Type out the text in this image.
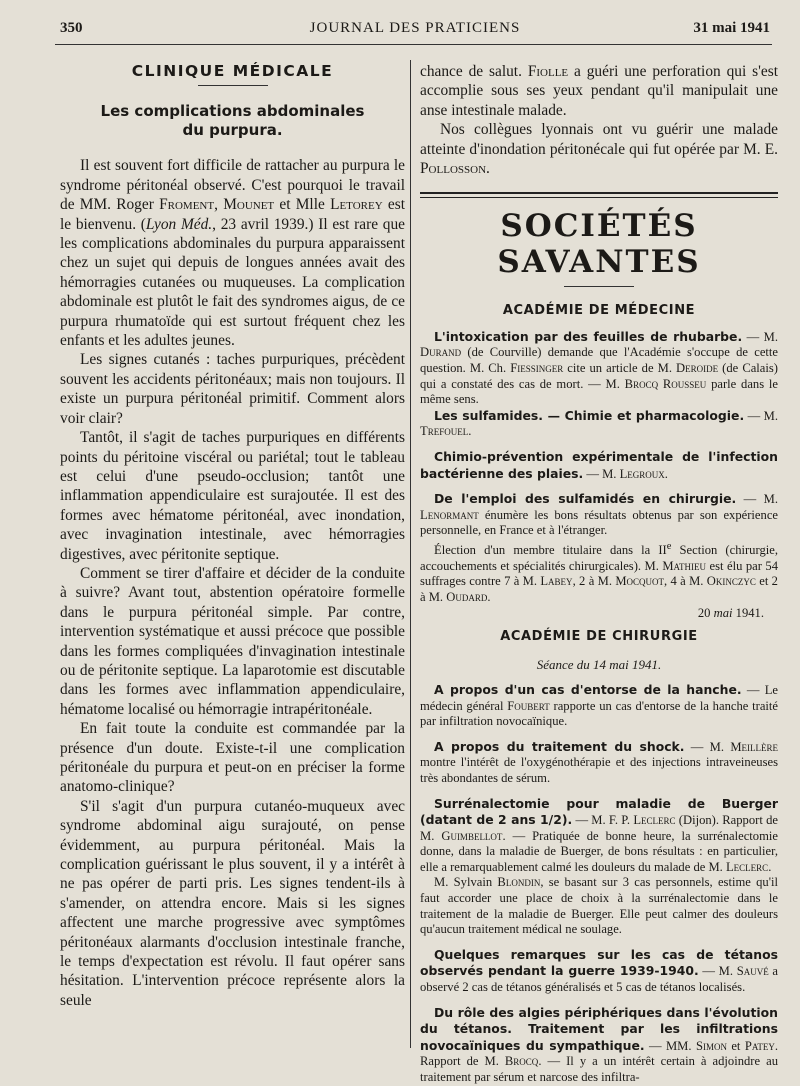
350	JOURNAL DES PRATICIENS	31 mai 1941
CLINIQUE MÉDICALE
Les complications abdominales
du purpura.

Il est souvent fort difficile de rattacher au purpura le syndrome péritonéal observé. C'est pourquoi le travail de MM. Roger Froment, Mounet et Mlle Letorey est le bienvenu. (Lyon Méd., 23 avril 1939.) Il est rare que les complications abdominales du purpura apparaissent chez un sujet qui depuis de longues années avait des hémorragies cutanées ou muqueuses. La complication abdominale est plutôt le fait des syndromes aigus, de ce purpura rhumatoïde qui est surtout fréquent chez les enfants et les adultes jeunes.

Les signes cutanés : taches purpuriques, précèdent souvent les accidents péritonéaux; mais non toujours. Il existe un purpura péritonéal primitif. Comment alors voir clair?

Tantôt, il s'agit de taches purpuriques en différents points du péritoine viscéral ou pariétal; tout le tableau est celui d'une pseudo-occlusion; tantôt une inflammation appendiculaire est surajoutée. Il est des formes avec hématome péritonéal, avec inondation, avec invagination intestinale, avec hémorragies digestives, avec péritonite septique.

Comment se tirer d'affaire et décider de la conduite à suivre? Avant tout, abstention opératoire formelle dans le purpura péritonéal simple. Par contre, intervention systématique et aussi précoce que possible dans les formes compliquées d'invagination intestinale ou de péritonite septique. La laparotomie est discutable dans les formes avec inflammation appendiculaire, hématome localisé ou hémorragie intrapéritonéale.

En fait toute la conduite est commandée par la présence d'un doute. Existe-t-il une complication péritonéale du purpura et peut-on en préciser la forme anatomo-clinique?

S'il s'agit d'un purpura cutanéo-muqueux avec syndrome abdominal aigu surajouté, on pense évidemment, au purpura péritonéal. Mais la complication guérissant le plus souvent, il y a intérêt à ne pas opérer de parti pris. Les signes tendent-ils à s'amender, on attendra encore. Mais si les signes affectent une marche progressive avec symptômes péritonéaux alarmants d'occlusion intestinale franche, le temps d'expectation est révolu. Il faut opérer sans hésitation. L'intervention précoce représente alors la seule

chance de salut. Fiolle a guéri une perforation qui s'est accomplie sous ses yeux pendant qu'il manipulait une anse intestinale malade.

Nos collègues lyonnais ont vu guérir une malade atteinte d'inondation péritonécale qui fut opérée par M. E. Pollosson.

SOCIÉTÉS SAVANTES
ACADÉMIE DE MÉDECINE

L'intoxication par des feuilles de rhubarbe. — M. Durand (de Courville) demande que l'Académie s'occupe de cette question. M. Ch. Fiessinger cite un article de M. Deroide (de Calais) qui a constaté des cas de mort. — M. Brocq Rousseu parle dans le même sens.

Les sulfamides. — Chimie et pharmacologie. — M. Trefouel.

Chimio-prévention expérimentale de l'infection bactérienne des plaies. — M. Legroux.

De l'emploi des sulfamidés en chirurgie. — M. Lenormant énumère les bons résultats obtenus par son expérience personnelle, en France et à l'étranger.

Élection d'un membre titulaire dans la IIe Section (chirurgie, accouchements et spécialités chirurgicales). M. Mathieu est élu par 54 suffrages contre 7 à M. Labey, 2 à M. Mocquot, 4 à M. Okinczyc et 2 à M. Oudard.

20 mai 1941.
ACADÉMIE DE CHIRURGIE
Séance du 14 mai 1941.

A propos d'un cas d'entorse de la hanche. — Le médecin général Foubert rapporte un cas d'entorse de la hanche traité par infiltration novocaïnique.

A propos du traitement du shock. — M. Meillère montre l'intérêt de l'oxygénothérapie et des injections intraveineuses très abondantes de sérum.

Surrénalectomie pour maladie de Buerger (datant de 2 ans 1/2). — M. F. P. Leclerc (Dijon). Rapport de M. Guimbellot. — Pratiquée de bonne heure, la surrénalectomie donne, dans la maladie de Buerger, de bons résultats : en particulier, elle a remarquablement calmé les douleurs du malade de M. Leclerc.

M. Sylvain Blondin, se basant sur 3 cas personnels, estime qu'il faut accorder une place de choix à la surrénalectomie dans le traitement de la maladie de Buerger. Elle peut calmer des douleurs qu'aucun traitement médical ne soulage.

Quelques remarques sur les cas de tétanos observés pendant la guerre 1939-1940. — M. Sauvé a observé 2 cas de tétanos généralisés et 5 cas de tétanos localisés.

Du rôle des algies périphériques dans l'évolution du tétanos. Traitement par les infiltrations novocaïniques du sympathique. — MM. Simon et Patey. Rapport de M. Brocq. — Il y a un intérêt certain à adjoindre au traitement par sérum et narcose des infiltra-
